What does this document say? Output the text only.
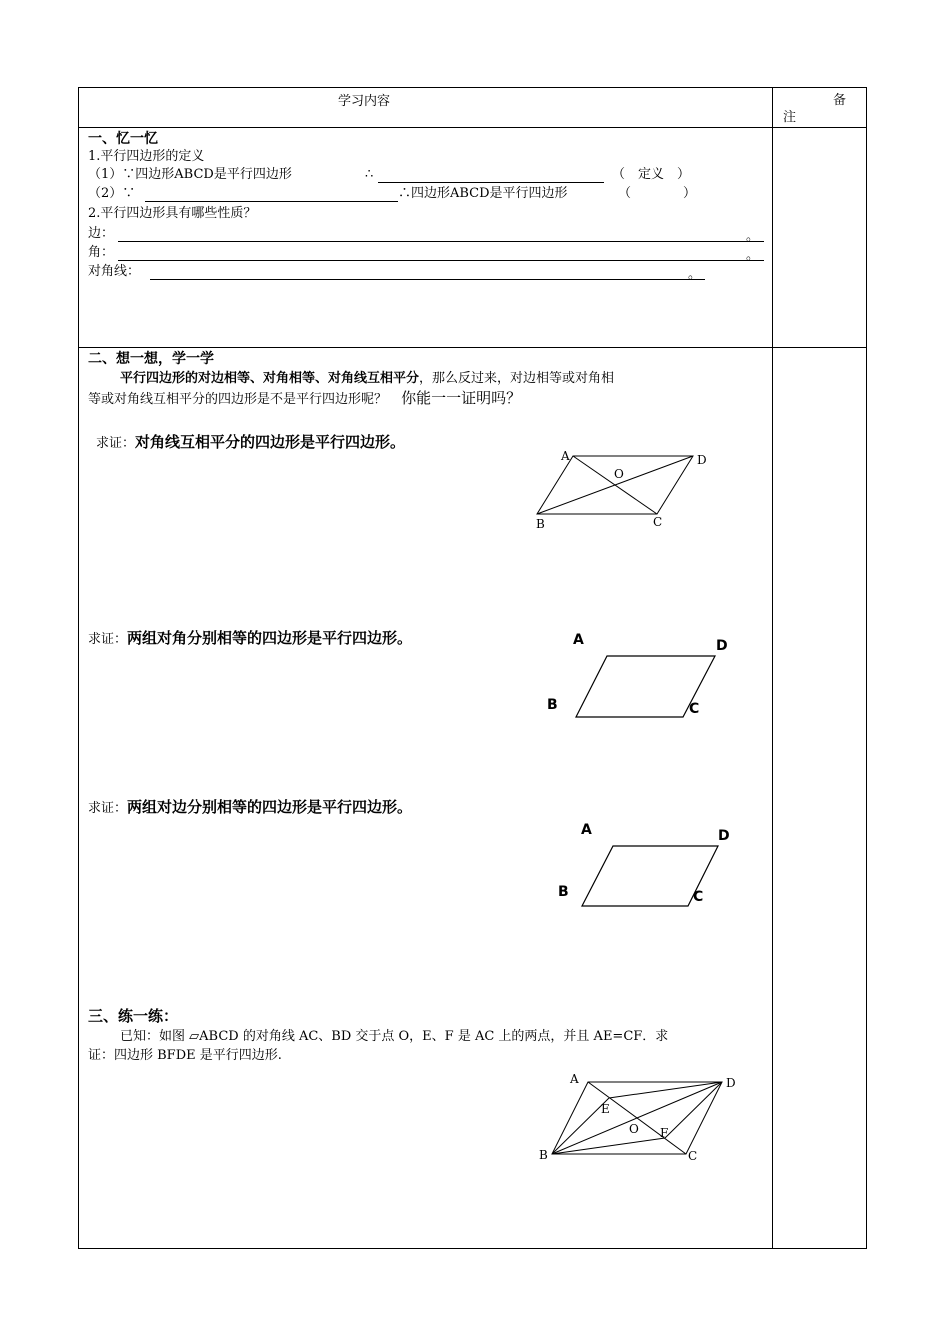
学习内容	备
注
一、忆一忆
1.平行四边形的定义
（1）∵四边形ABCD是平行四边形	∴	（　定义　）
（2）∵	∴四边形ABCD是平行四边形	（　　　　）
2.平行四边形具有哪些性质？
边：	。
角：	。
对角线：	。
二、想一想，学一学
平行四边形的对边相等、对角相等、对角线互相平分，那么反过来，对边相等或对角相
等或对角线互相平分的四边形是不是平行四边形呢？ 你能一一证明吗？
求证：对角线互相平分的四边形是平行四边形。
求证：两组对角分别相等的四边形是平行四边形。
求证：两组对边分别相等的四边形是平行四边形。
三、练一练：
已知：如图 ▱ABCD 的对角线 AC、BD 交于点 O，E、F 是 AC 上的两点，并且 AE=CF．求
证：四边形 BFDE 是平行四边形.
A	D
O
B	C
A	D
B	C
A	D
B	C
A	D
E
O F
B	C
